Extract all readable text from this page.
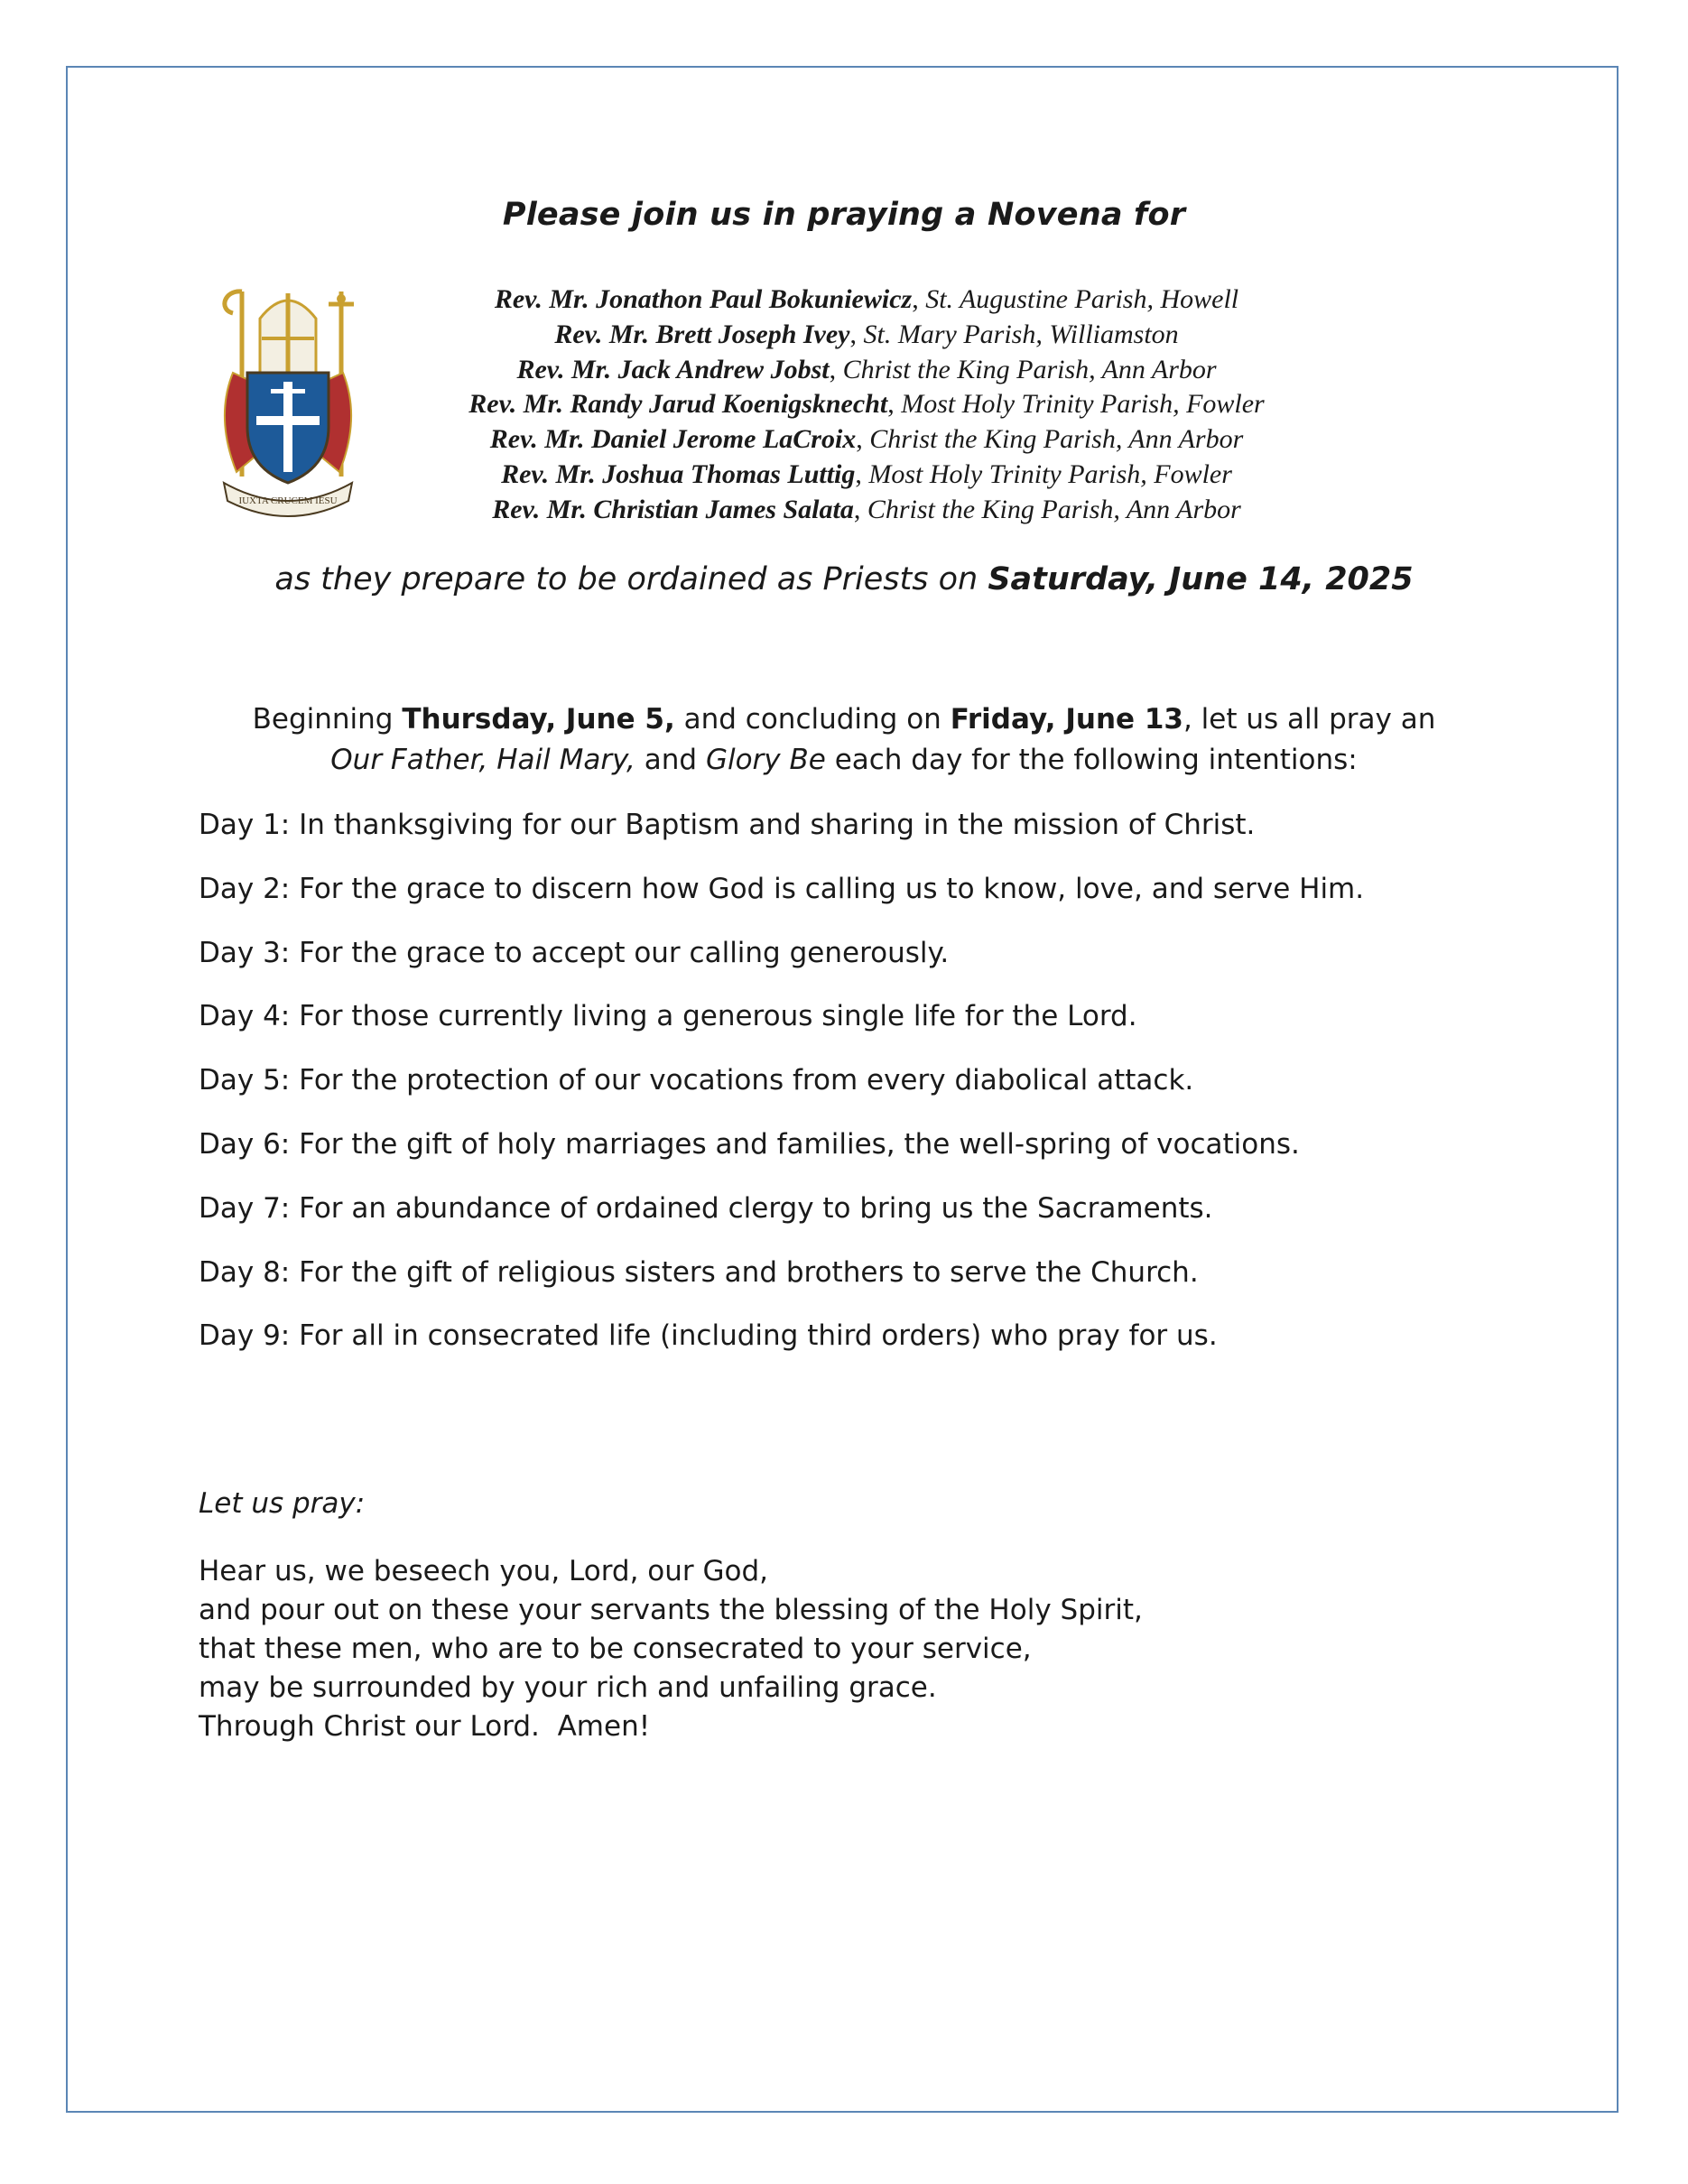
Please join us in praying a Novena for
IUXTA CRUCEM IESU
Rev. Mr. Jonathon Paul Bokuniewicz, St. Augustine Parish, Howell
Rev. Mr. Brett Joseph Ivey, St. Mary Parish, Williamston
Rev. Mr. Jack Andrew Jobst, Christ the King Parish, Ann Arbor
Rev. Mr. Randy Jarud Koenigsknecht, Most Holy Trinity Parish, Fowler
Rev. Mr. Daniel Jerome LaCroix, Christ the King Parish, Ann Arbor
Rev. Mr. Joshua Thomas Luttig, Most Holy Trinity Parish, Fowler
Rev. Mr. Christian James Salata, Christ the King Parish, Ann Arbor
as they prepare to be ordained as Priests on Saturday, June 14, 2025
Beginning Thursday, June 5, and concluding on Friday, June 13, let us all pray an
Our Father, Hail Mary, and Glory Be each day for the following intentions:
Day 1: In thanksgiving for our Baptism and sharing in the mission of Christ.
Day 2: For the grace to discern how God is calling us to know, love, and serve Him.
Day 3: For the grace to accept our calling generously.
Day 4: For those currently living a generous single life for the Lord.
Day 5: For the protection of our vocations from every diabolical attack.
Day 6: For the gift of holy marriages and families, the well-spring of vocations.
Day 7: For an abundance of ordained clergy to bring us the Sacraments.
Day 8: For the gift of religious sisters and brothers to serve the Church.
Day 9: For all in consecrated life (including third orders) who pray for us.
Let us pray:
Hear us, we beseech you, Lord, our God,
and pour out on these your servants the blessing of the Holy Spirit,
that these men, who are to be consecrated to your service,
may be surrounded by your rich and unfailing grace.
Through Christ our Lord.  Amen!
